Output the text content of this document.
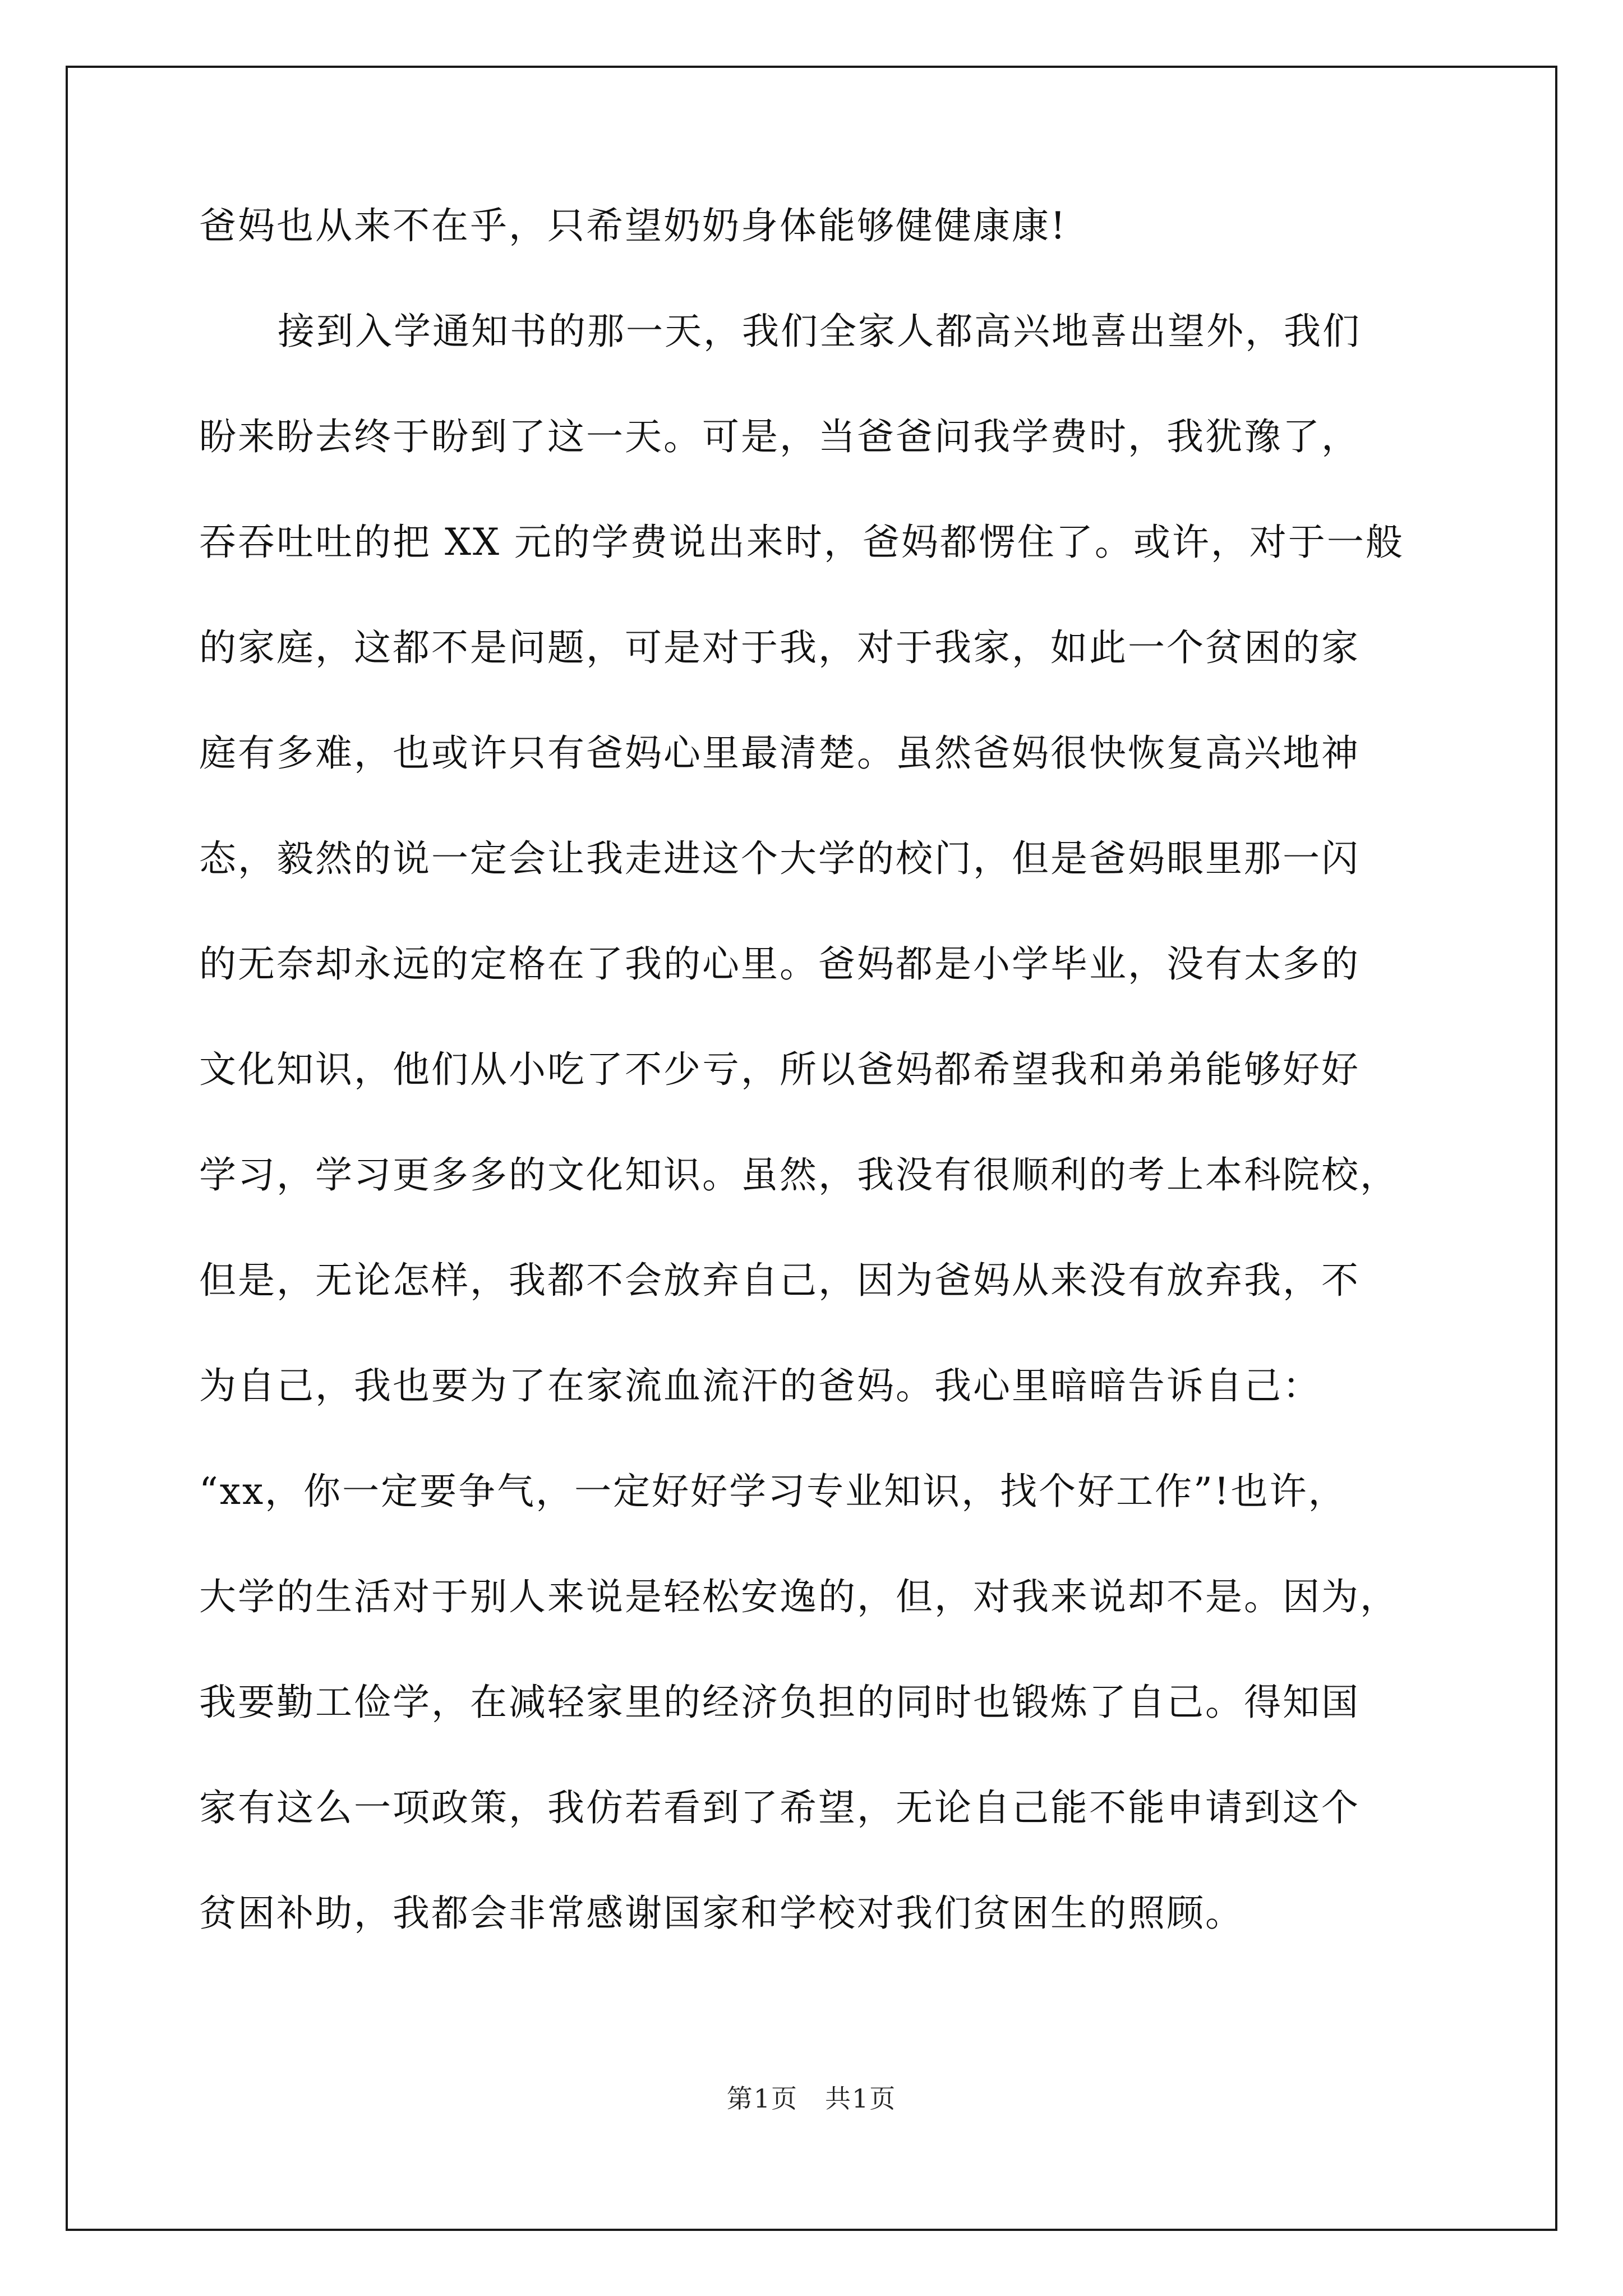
爸妈也从来不在乎，只希望奶奶身体能够健健康康!
接到入学通知书的那一天，我们全家人都高兴地喜出望外，我们
盼来盼去终于盼到了这一天。可是，当爸爸问我学费时，我犹豫了，
吞吞吐吐的把 XX 元的学费说出来时，爸妈都愣住了。或许，对于一般
的家庭，这都不是问题，可是对于我，对于我家，如此一个贫困的家
庭有多难，也或许只有爸妈心里最清楚。虽然爸妈很快恢复高兴地神
态，毅然的说一定会让我走进这个大学的校门，但是爸妈眼里那一闪
的无奈却永远的定格在了我的心里。爸妈都是小学毕业，没有太多的
文化知识，他们从小吃了不少亏，所以爸妈都希望我和弟弟能够好好
学习，学习更多多的文化知识。虽然，我没有很顺利的考上本科院校，
但是，无论怎样，我都不会放弃自己，因为爸妈从来没有放弃我，不
为自己，我也要为了在家流血流汗的爸妈。我心里暗暗告诉自己：
“xx，你一定要争气，一定好好学习专业知识，找个好工作”!也许，
大学的生活对于别人来说是轻松安逸的，但，对我来说却不是。因为，
我要勤工俭学，在减轻家里的经济负担的同时也锻炼了自己。得知国
家有这么一项政策，我仿若看到了希望，无论自己能不能申请到这个
贫困补助，我都会非常感谢国家和学校对我们贫困生的照顾。
第1页　共1页
